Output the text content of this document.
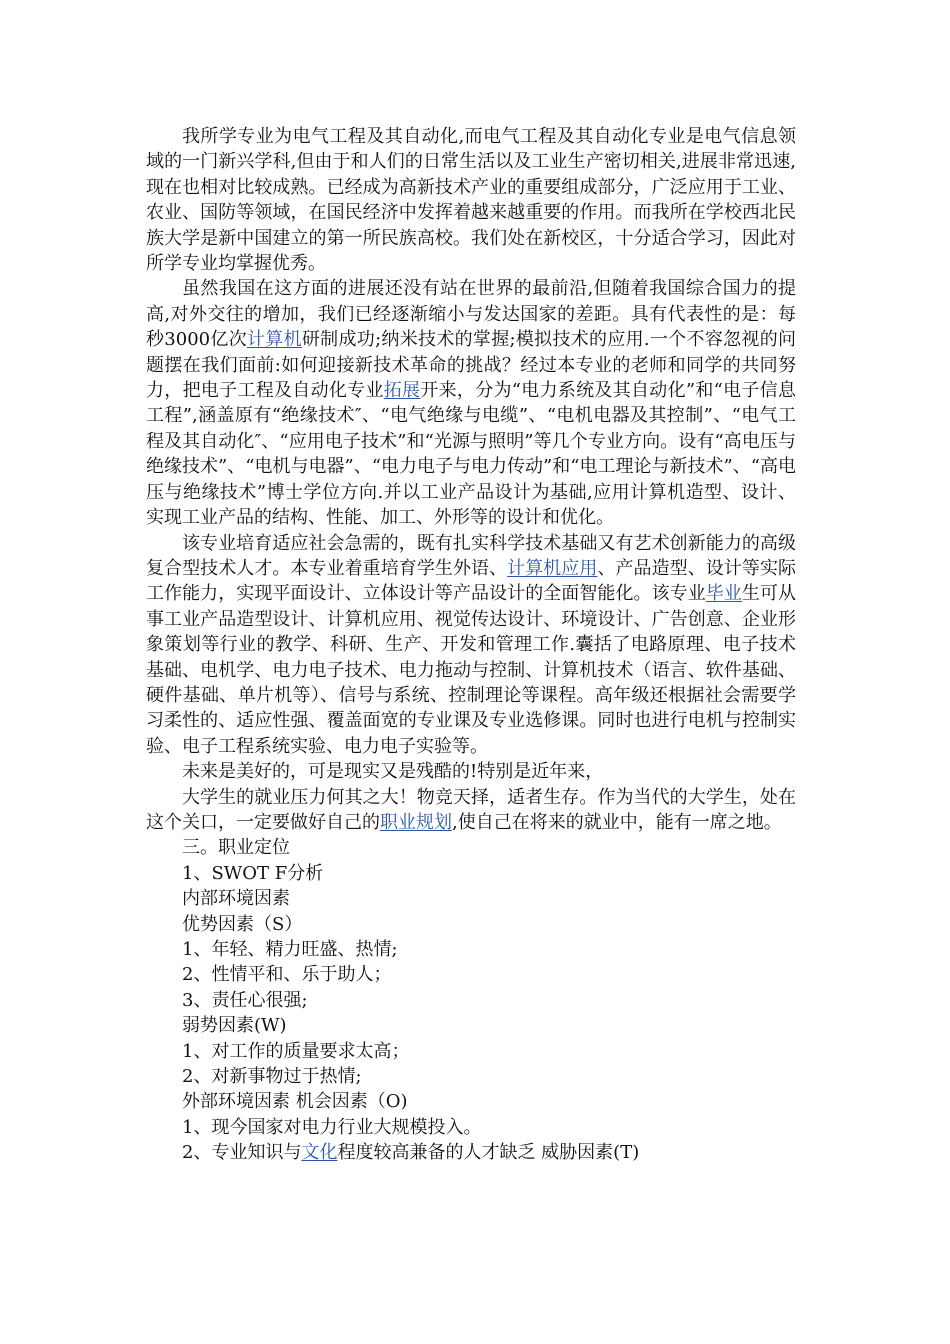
我所学专业为电气工程及其自动化,而电气工程及其自动化专业是电气信息领域的一门新兴学科,但由于和人们的日常生活以及工业生产密切相关,进展非常迅速,现在也相对比较成熟。已经成为高新技术产业的重要组成部分，广泛应用于工业、农业、国防等领域，在国民经济中发挥着越来越重要的作用。而我所在学校西北民族大学是新中国建立的第一所民族高校。我们处在新校区，十分适合学习，因此对所学专业均掌握优秀。

虽然我国在这方面的进展还没有站在世界的最前沿,但随着我国综合国力的提高,对外交往的增加，我们已经逐渐缩小与发达国家的差距。具有代表性的是：每秒3000亿次计算机研制成功;纳米技术的掌握;模拟技术的应用.一个不容忽视的问题摆在我们面前:如何迎接新技术革命的挑战？经过本专业的老师和同学的共同努力，把电子工程及自动化专业拓展开来，分为“电力系统及其自动化”和“电子信息工程”,涵盖原有“绝缘技术″、“电气绝缘与电缆”、“电机电器及其控制”、“电气工程及其自动化″、“应用电子技术”和“光源与照明”等几个专业方向。设有“高电压与绝缘技术”、“电机与电器”、“电力电子与电力传动”和“电工理论与新技术”、“高电压与绝缘技术”博士学位方向.并以工业产品设计为基础,应用计算机造型、设计、实现工业产品的结构、性能、加工、外形等的设计和优化。

该专业培育适应社会急需的，既有扎实科学技术基础又有艺术创新能力的高级复合型技术人才。本专业着重培育学生外语、计算机应用、产品造型、设计等实际工作能力，实现平面设计、立体设计等产品设计的全面智能化。该专业毕业生可从事工业产品造型设计、计算机应用、视觉传达设计、环境设计、广告创意、企业形象策划等行业的教学、科研、生产、开发和管理工作.囊括了电路原理、电子技术基础、电机学、电力电子技术、电力拖动与控制、计算机技术（语言、软件基础、硬件基础、单片机等）、信号与系统、控制理论等课程。高年级还根据社会需要学习柔性的、适应性强、覆盖面宽的专业课及专业选修课。同时也进行电机与控制实验、电子工程系统实验、电力电子实验等。

未来是美好的，可是现实又是残酷的!特别是近年来，

大学生的就业压力何其之大！物竞天择，适者生存。作为当代的大学生，处在这个关口，一定要做好自己的职业规划,使自己在将来的就业中，能有一席之地。

三。职业定位

1、SWOT F分析

内部环境因素

优势因素（S）

1、年轻、精力旺盛、热情;

2、性情平和、乐于助人；

3、责任心很强;

弱势因素(W)

1、对工作的质量要求太高；

2、对新事物过于热情;

外部环境因素 机会因素（O)

1、现今国家对电力行业大规模投入。

2、专业知识与文化程度较高兼备的人才缺乏 威胁因素(T)
